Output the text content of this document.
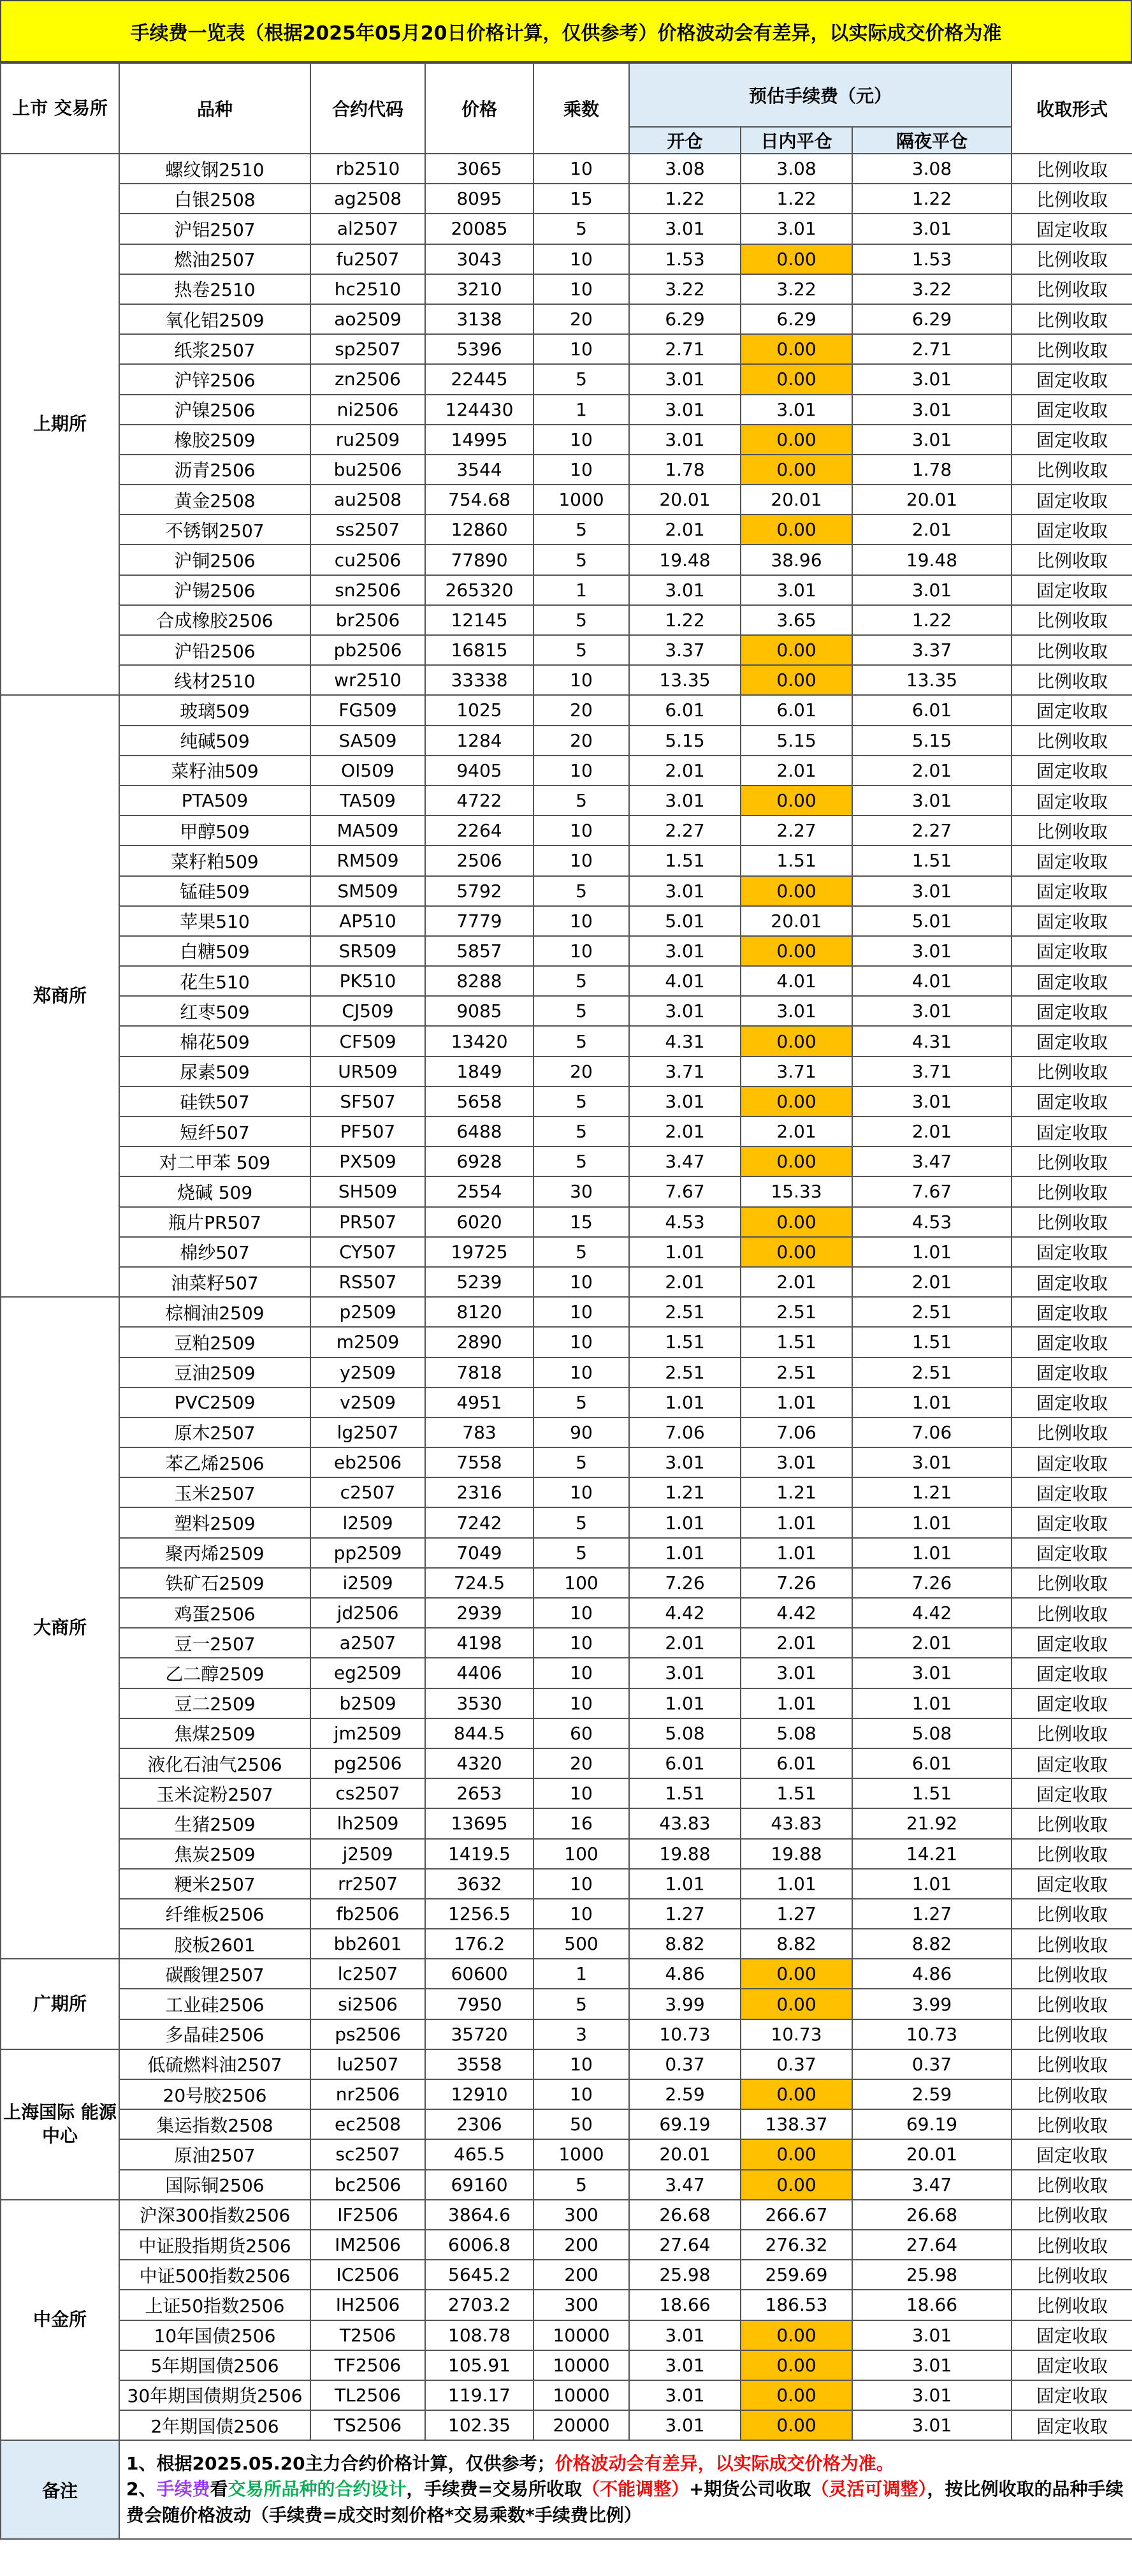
手续费一览表（根据2025年05月20日价格计算，仅供参考）价格波动会有差异，以实际成交价格为准
上市 交易所	品种	合约代码	价格	乘数	预估手续费（元）			收取形式
					开仓	日内平仓	隔夜平仓	
上期所	螺纹钢2510	rb2510	3065	10	3.08	3.08	3.08	比例收取
	白银2508	ag2508	8095	15	1.22	1.22	1.22	比例收取
	沪铝2507	al2507	20085	5	3.01	3.01	3.01	固定收取
	燃油2507	fu2507	3043	10	1.53	0.00	1.53	比例收取
	热卷2510	hc2510	3210	10	3.22	3.22	3.22	比例收取
	氧化铝2509	ao2509	3138	20	6.29	6.29	6.29	比例收取
	纸浆2507	sp2507	5396	10	2.71	0.00	2.71	比例收取
	沪锌2506	zn2506	22445	5	3.01	0.00	3.01	固定收取
	沪镍2506	ni2506	124430	1	3.01	3.01	3.01	固定收取
	橡胶2509	ru2509	14995	10	3.01	0.00	3.01	固定收取
	沥青2506	bu2506	3544	10	1.78	0.00	1.78	比例收取
	黄金2508	au2508	754.68	1000	20.01	20.01	20.01	固定收取
	不锈钢2507	ss2507	12860	5	2.01	0.00	2.01	固定收取
	沪铜2506	cu2506	77890	5	19.48	38.96	19.48	比例收取
	沪锡2506	sn2506	265320	1	3.01	3.01	3.01	固定收取
	合成橡胶2506	br2506	12145	5	1.22	3.65	1.22	比例收取
	沪铅2506	pb2506	16815	5	3.37	0.00	3.37	比例收取
	线材2510	wr2510	33338	10	13.35	0.00	13.35	比例收取
郑商所	玻璃509	FG509	1025	20	6.01	6.01	6.01	固定收取
	纯碱509	SA509	1284	20	5.15	5.15	5.15	比例收取
	菜籽油509	OI509	9405	10	2.01	2.01	2.01	固定收取
	PTA509	TA509	4722	5	3.01	0.00	3.01	固定收取
	甲醇509	MA509	2264	10	2.27	2.27	2.27	比例收取
	菜籽粕509	RM509	2506	10	1.51	1.51	1.51	固定收取
	锰硅509	SM509	5792	5	3.01	0.00	3.01	固定收取
	苹果510	AP510	7779	10	5.01	20.01	5.01	固定收取
	白糖509	SR509	5857	10	3.01	0.00	3.01	固定收取
	花生510	PK510	8288	5	4.01	4.01	4.01	固定收取
	红枣509	CJ509	9085	5	3.01	3.01	3.01	固定收取
	棉花509	CF509	13420	5	4.31	0.00	4.31	固定收取
	尿素509	UR509	1849	20	3.71	3.71	3.71	比例收取
	硅铁507	SF507	5658	5	3.01	0.00	3.01	固定收取
	短纤507	PF507	6488	5	2.01	2.01	2.01	固定收取
	对二甲苯 509	PX509	6928	5	3.47	0.00	3.47	比例收取
	烧碱 509	SH509	2554	30	7.67	15.33	7.67	比例收取
	瓶片PR507	PR507	6020	15	4.53	0.00	4.53	比例收取
	棉纱507	CY507	19725	5	1.01	0.00	1.01	固定收取
	油菜籽507	RS507	5239	10	2.01	2.01	2.01	固定收取
大商所	棕榈油2509	p2509	8120	10	2.51	2.51	2.51	固定收取
	豆粕2509	m2509	2890	10	1.51	1.51	1.51	固定收取
	豆油2509	y2509	7818	10	2.51	2.51	2.51	固定收取
	PVC2509	v2509	4951	5	1.01	1.01	1.01	固定收取
	原木2507	lg2507	783	90	7.06	7.06	7.06	比例收取
	苯乙烯2506	eb2506	7558	5	3.01	3.01	3.01	固定收取
	玉米2507	c2507	2316	10	1.21	1.21	1.21	固定收取
	塑料2509	l2509	7242	5	1.01	1.01	1.01	固定收取
	聚丙烯2509	pp2509	7049	5	1.01	1.01	1.01	固定收取
	铁矿石2509	i2509	724.5	100	7.26	7.26	7.26	比例收取
	鸡蛋2506	jd2506	2939	10	4.42	4.42	4.42	比例收取
	豆一2507	a2507	4198	10	2.01	2.01	2.01	固定收取
	乙二醇2509	eg2509	4406	10	3.01	3.01	3.01	固定收取
	豆二2509	b2509	3530	10	1.01	1.01	1.01	固定收取
	焦煤2509	jm2509	844.5	60	5.08	5.08	5.08	比例收取
	液化石油气2506	pg2506	4320	20	6.01	6.01	6.01	固定收取
	玉米淀粉2507	cs2507	2653	10	1.51	1.51	1.51	固定收取
	生猪2509	lh2509	13695	16	43.83	43.83	21.92	比例收取
	焦炭2509	j2509	1419.5	100	19.88	19.88	14.21	比例收取
	粳米2507	rr2507	3632	10	1.01	1.01	1.01	固定收取
	纤维板2506	fb2506	1256.5	10	1.27	1.27	1.27	比例收取
	胶板2601	bb2601	176.2	500	8.82	8.82	8.82	比例收取
广期所	碳酸锂2507	lc2507	60600	1	4.86	0.00	4.86	比例收取
	工业硅2506	si2506	7950	5	3.99	0.00	3.99	比例收取
	多晶硅2506	ps2506	35720	3	10.73	10.73	10.73	比例收取
上海国际 能源中心	低硫燃料油2507	lu2507	3558	10	0.37	0.37	0.37	比例收取
	20号胶2506	nr2506	12910	10	2.59	0.00	2.59	比例收取
	集运指数2508	ec2508	2306	50	69.19	138.37	69.19	比例收取
	原油2507	sc2507	465.5	1000	20.01	0.00	20.01	固定收取
	国际铜2506	bc2506	69160	5	3.47	0.00	3.47	比例收取
中金所	沪深300指数2506	IF2506	3864.6	300	26.68	266.67	26.68	比例收取
	中证股指期货2506	IM2506	6006.8	200	27.64	276.32	27.64	比例收取
	中证500指数2506	IC2506	5645.2	200	25.98	259.69	25.98	比例收取
	上证50指数2506	IH2506	2703.2	300	18.66	186.53	18.66	比例收取
	10年国债2506	T2506	108.78	10000	3.01	0.00	3.01	固定收取
	5年期国债2506	TF2506	105.91	10000	3.01	0.00	3.01	固定收取
	30年期国债期货2506	TL2506	119.17	10000	3.01	0.00	3.01	固定收取
	2年期国债2506	TS2506	102.35	20000	3.01	0.00	3.01	固定收取
备注	1、根据2025.05.20主力合约价格计算，仅供参考；价格波动会有差异，以实际成交价格为准。
2、手续费看交易所品种的合约设计，手续费=交易所收取（不能调整）+期货公司收取（灵活可调整），按比例收取的品种手续费会随价格波动（手续费=成交时刻价格*交易乘数*手续费比例）							
